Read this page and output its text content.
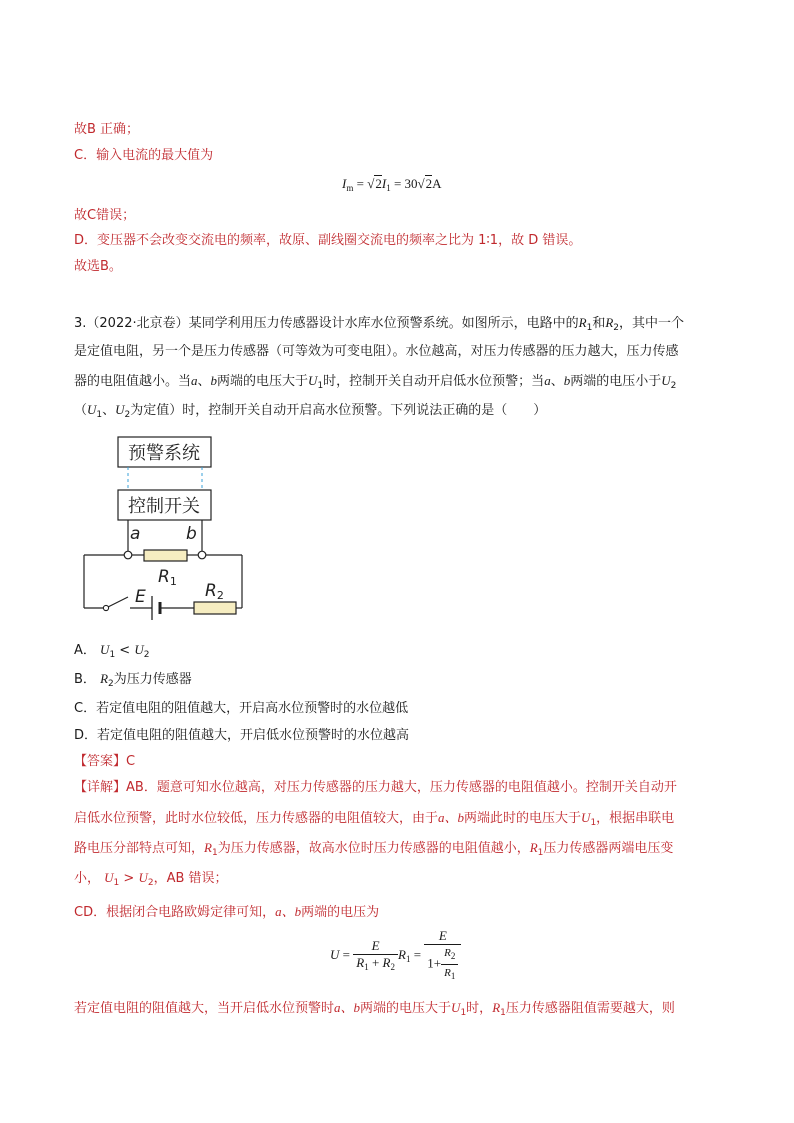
故B 正确；
C．输入电流的最大值为
$I_m = √2I_1 = 30√2A$
故C错误；
D．变压器不会改变交流电的频率，故原、副线圈交流电的频率之比为 1∶1，故 D 错误。
故选B。
3.（2022·北京卷）某同学利用压力传感器设计水库水位预警系统。如图所示，电路中的$R_1$和$R_2$，其中一个
是定值电阻，另一个是压力传感器（可等效为可变电阻）。水位越高，对压力传感器的压力越大，压力传感
器的电阻值越小。当a、b两端的电压大于$U_1$时，控制开关自动开启低水位预警；当a、b两端的电压小于$U_2$
（$U_1$、$U_2$为定值）时，控制开关自动开启高水位预警。下列说法正确的是（　　）
预警系统
控制开关
a	b
R1
E	R2
A． $U_1 < U_2$
B． $R_2$为压力传感器
C．若定值电阻的阻值越大，开启高水位预警时的水位越低
D．若定值电阻的阻值越大，开启低水位预警时的水位越高
【答案】C
【详解】AB．题意可知水位越高，对压力传感器的压力越大，压力传感器的电阻值越小。控制开关自动开
启低水位预警，此时水位较低，压力传感器的电阻值较大，由于a、b两端此时的电压大于$U_1$，根据串联电
路电压分部特点可知，$R_1$为压力传感器，故高水位时压力传感器的电阻值越小，$R_1$压力传感器两端电压变
小， $U_1 > U_2$，AB 错误；
CD．根据闭合电路欧姆定律可知，a、b两端的电压为
$U = \frac{E}{R_1 + R_2} R_1 = \frac{E}{1+ \frac{R_2}{R_1}}$
若定值电阻的阻值越大，当开启低水位预警时a、b两端的电压大于$U_1$时，$R_1$压力传感器阻值需要越大，则
